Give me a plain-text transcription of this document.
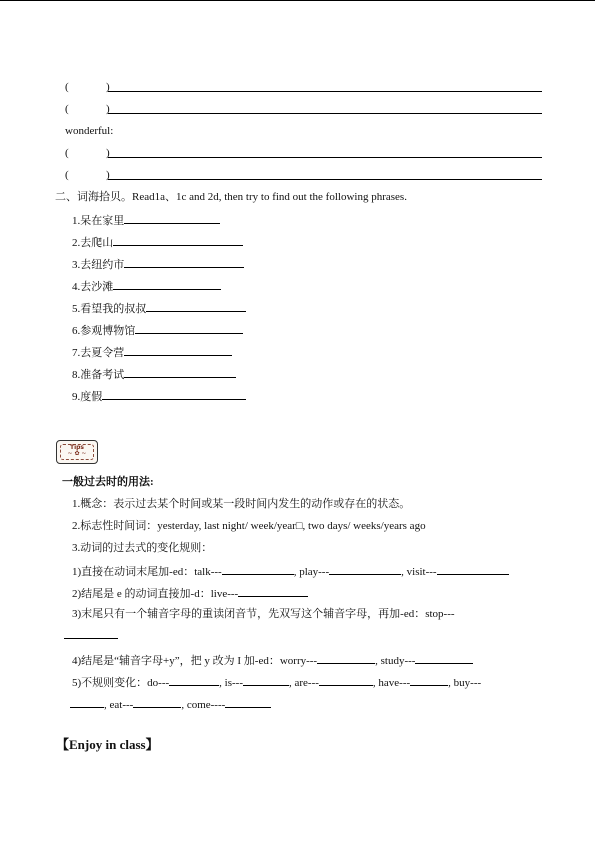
(	)
(	)
wonderful:
(	)
(	)
二、词海拾贝。Read1a、1c and 2d, then try to find out the following phrases.
1.呆在家里
2.去爬山
3.去纽约市
4.去沙滩
5.看望我的叔叔
6.参观博物馆
7.去夏令营
8.准备考试
9.度假
Tips
~ ✿ ~
一般过去时的用法:
1.概念：表示过去某个时间或某一段时间内发生的动作或存在的状态。
2.标志性时间词：yesterday, last night/ week/year□, two days/ weeks/years ago
3.动词的过去式的变化规则：
1)直接在动词末尾加-ed：talk---	, play---	, visit---
2)结尾是 e 的动词直接加-d：live---
3)末尾只有一个辅音字母的重读闭音节，先双写这个辅音字母，再加-ed：stop---
4)结尾是“辅音字母+y”，把 y 改为 I 加-ed：worry---	, study---
5)不规则变化：do---	, is---	, are---	, have---	, buy---
, eat---	, come----
【Enjoy in class】
